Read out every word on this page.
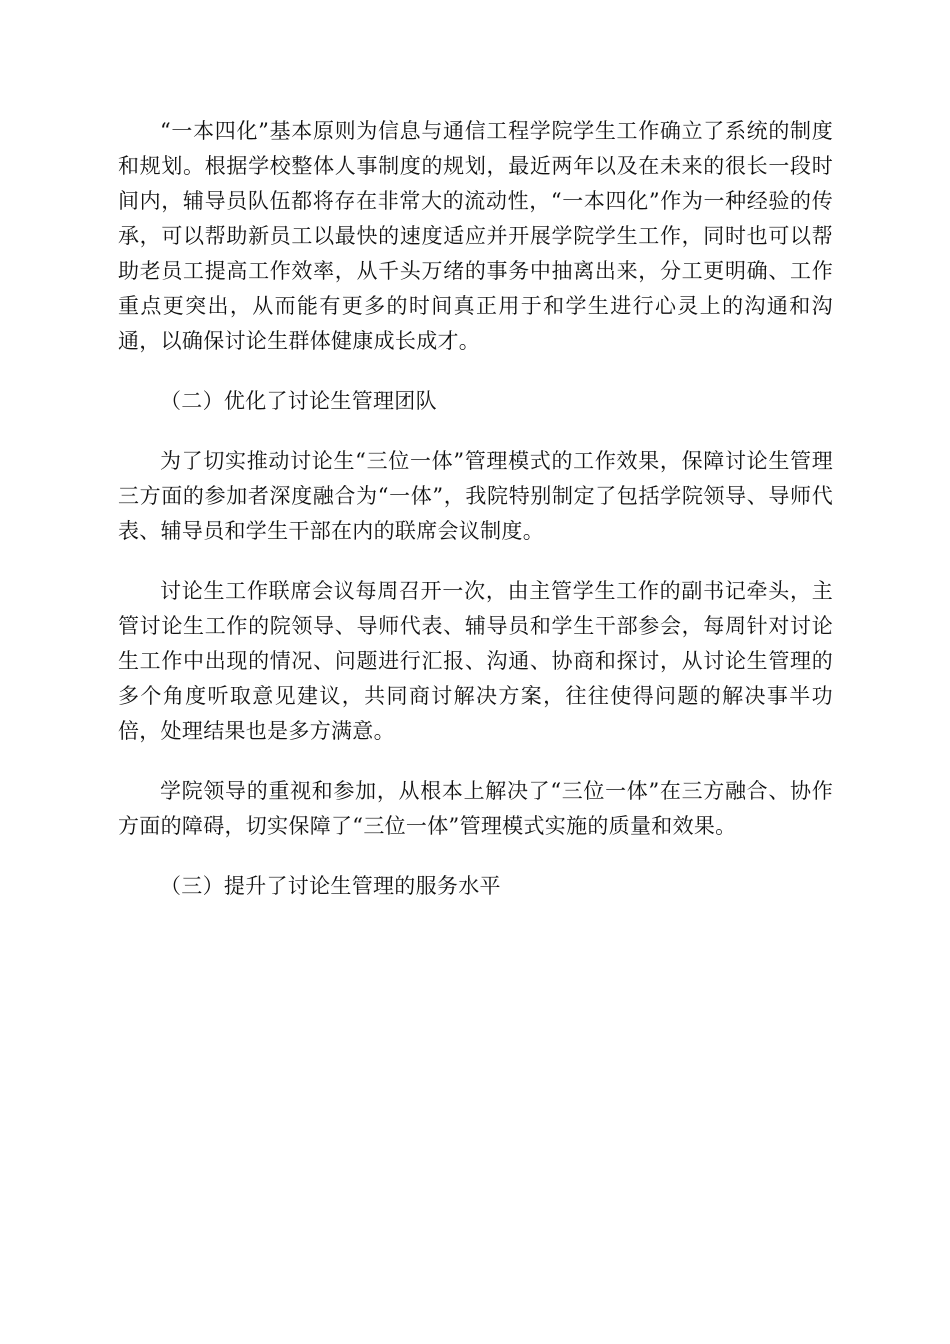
“一本四化”基本原则为信息与通信工程学院学生工作确立了系统的制度和规划。根据学校整体人事制度的规划，最近两年以及在未来的很长一段时间内，辅导员队伍都将存在非常大的流动性，“一本四化”作为一种经验的传承，可以帮助新员工以最快的速度适应并开展学院学生工作，同时也可以帮助老员工提高工作效率，从千头万绪的事务中抽离出来，分工更明确、工作重点更突出，从而能有更多的时间真正用于和学生进行心灵上的沟通和沟通，以确保讨论生群体健康成长成才。

（二）优化了讨论生管理团队

为了切实推动讨论生“三位一体”管理模式的工作效果，保障讨论生管理三方面的参加者深度融合为“一体”，我院特别制定了包括学院领导、导师代表、辅导员和学生干部在内的联席会议制度。

讨论生工作联席会议每周召开一次，由主管学生工作的副书记牵头，主管讨论生工作的院领导、导师代表、辅导员和学生干部参会，每周针对讨论生工作中出现的情况、问题进行汇报、沟通、协商和探讨，从讨论生管理的多个角度听取意见建议，共同商讨解决方案，往往使得问题的解决事半功倍，处理结果也是多方满意。

学院领导的重视和参加，从根本上解决了“三位一体”在三方融合、协作方面的障碍，切实保障了“三位一体”管理模式实施的质量和效果。

（三）提升了讨论生管理的服务水平
